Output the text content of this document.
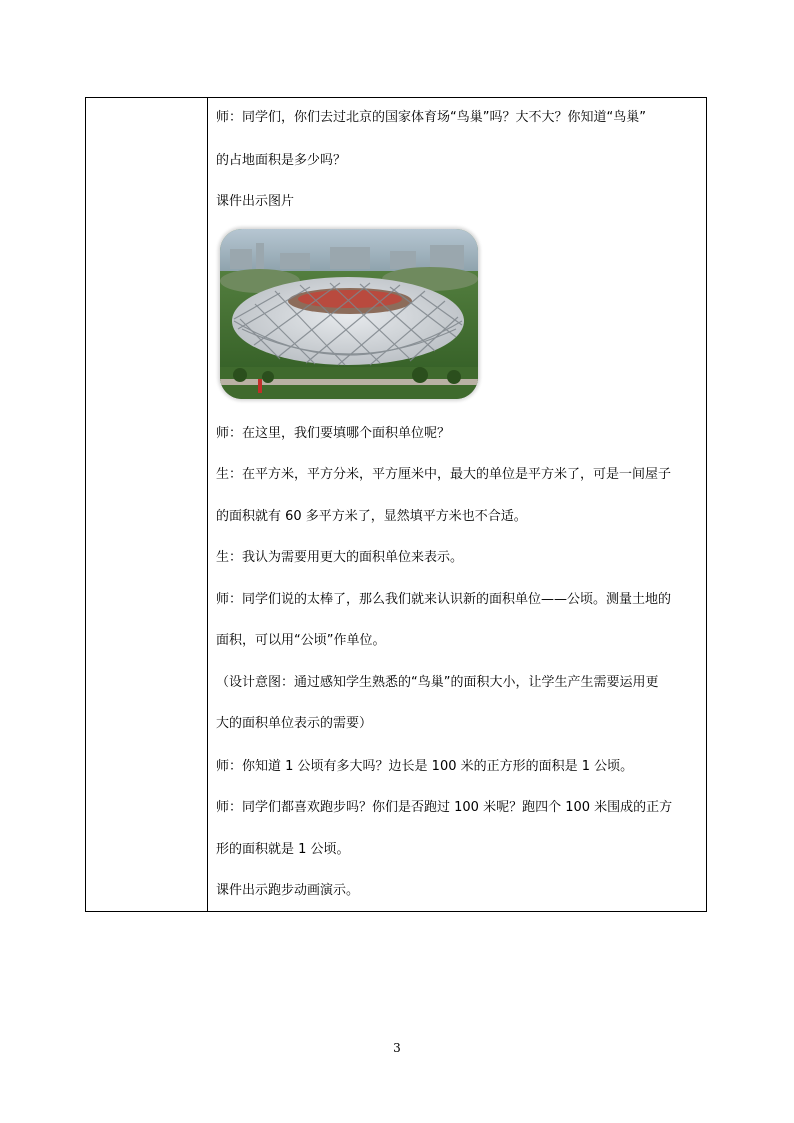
师：同学们，你们去过北京的国家体育场“鸟巢”吗？大不大？你知道“鸟巢”
的占地面积是多少吗？
课件出示图片
师：在这里，我们要填哪个面积单位呢？
生：在平方米，平方分米，平方厘米中，最大的单位是平方米了，可是一间屋子
的面积就有 60 多平方米了，显然填平方米也不合适。
生：我认为需要用更大的面积单位来表示。
师：同学们说的太棒了，那么我们就来认识新的面积单位——公顷。测量土地的
面积，可以用“公顷”作单位。
（设计意图：通过感知学生熟悉的“鸟巢”的面积大小，让学生产生需要运用更
大的面积单位表示的需要）
师：你知道 1 公顷有多大吗？边长是 100 米的正方形的面积是 1 公顷。
师：同学们都喜欢跑步吗？你们是否跑过 100 米呢？跑四个 100 米围成的正方
形的面积就是 1 公顷。
课件出示跑步动画演示。
3
